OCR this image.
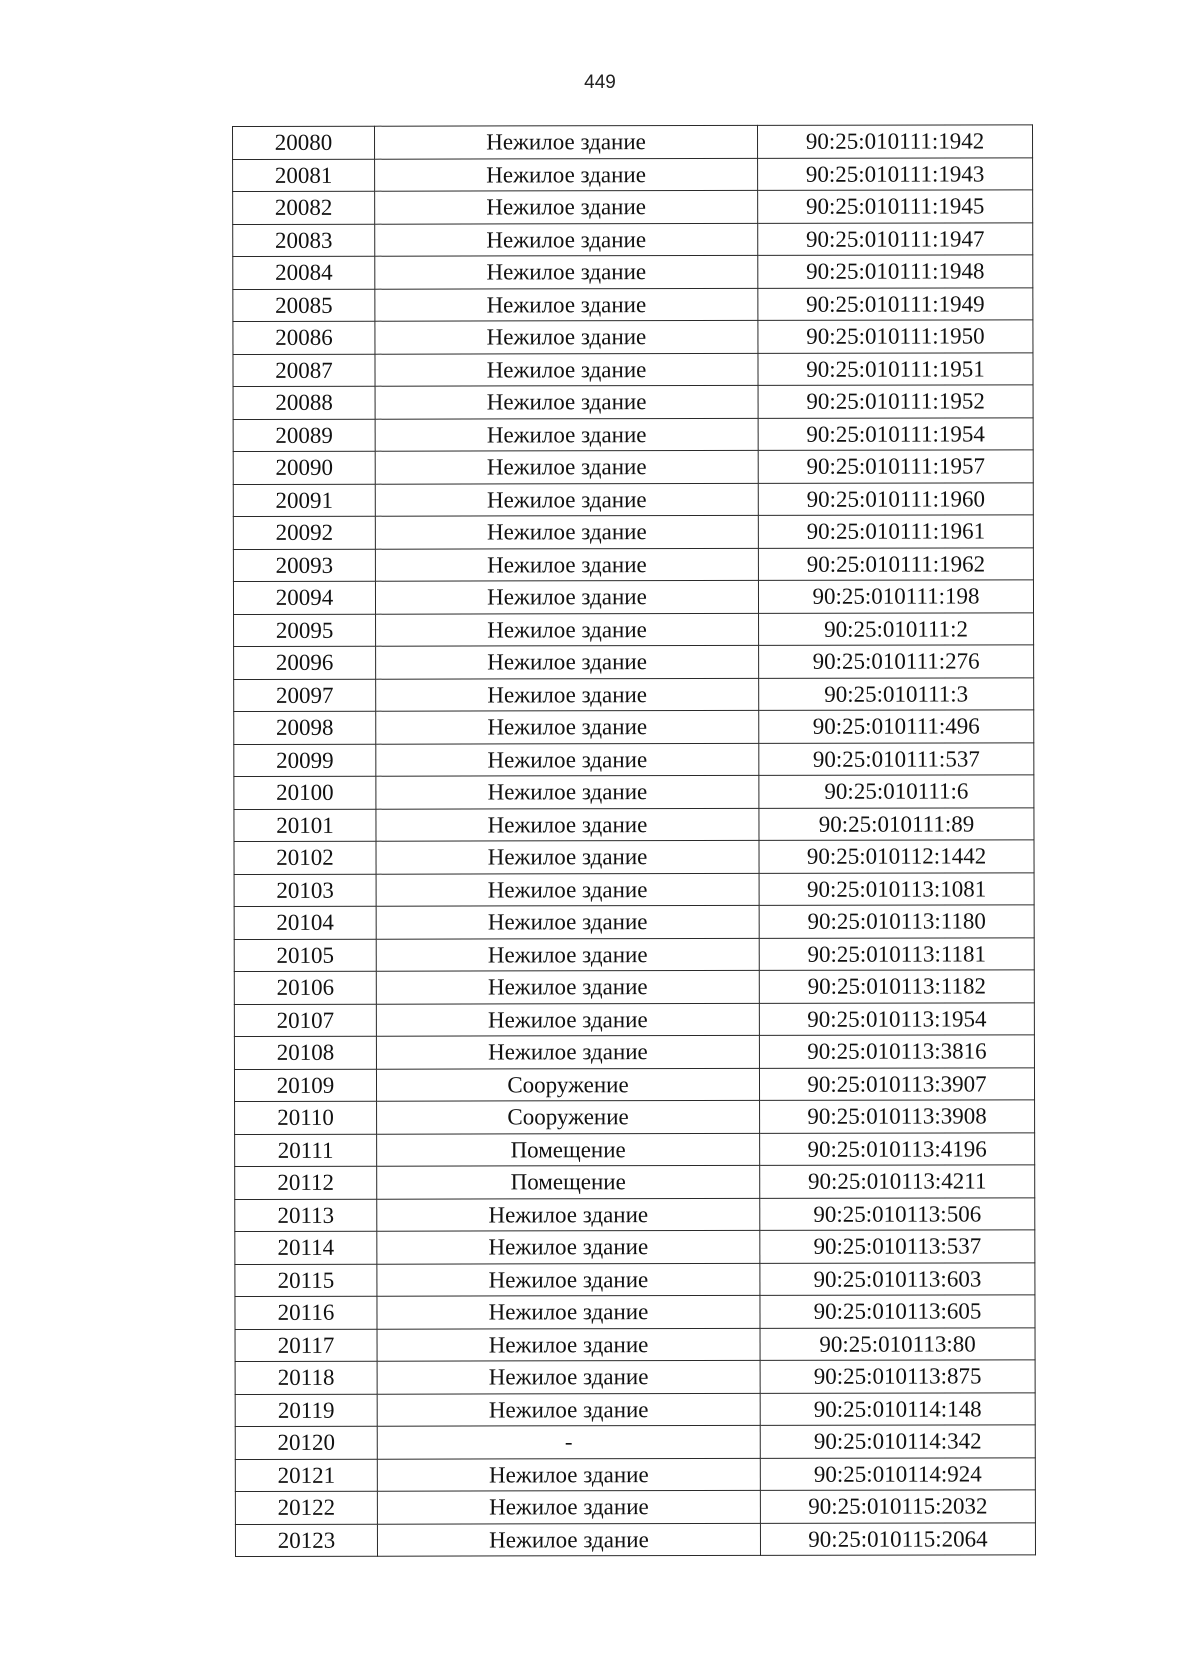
449
20080	Нежилое здание	90:25:010111:1942
20081	Нежилое здание	90:25:010111:1943
20082	Нежилое здание	90:25:010111:1945
20083	Нежилое здание	90:25:010111:1947
20084	Нежилое здание	90:25:010111:1948
20085	Нежилое здание	90:25:010111:1949
20086	Нежилое здание	90:25:010111:1950
20087	Нежилое здание	90:25:010111:1951
20088	Нежилое здание	90:25:010111:1952
20089	Нежилое здание	90:25:010111:1954
20090	Нежилое здание	90:25:010111:1957
20091	Нежилое здание	90:25:010111:1960
20092	Нежилое здание	90:25:010111:1961
20093	Нежилое здание	90:25:010111:1962
20094	Нежилое здание	90:25:010111:198
20095	Нежилое здание	90:25:010111:2
20096	Нежилое здание	90:25:010111:276
20097	Нежилое здание	90:25:010111:3
20098	Нежилое здание	90:25:010111:496
20099	Нежилое здание	90:25:010111:537
20100	Нежилое здание	90:25:010111:6
20101	Нежилое здание	90:25:010111:89
20102	Нежилое здание	90:25:010112:1442
20103	Нежилое здание	90:25:010113:1081
20104	Нежилое здание	90:25:010113:1180
20105	Нежилое здание	90:25:010113:1181
20106	Нежилое здание	90:25:010113:1182
20107	Нежилое здание	90:25:010113:1954
20108	Нежилое здание	90:25:010113:3816
20109	Сооружение	90:25:010113:3907
20110	Сооружение	90:25:010113:3908
20111	Помещение	90:25:010113:4196
20112	Помещение	90:25:010113:4211
20113	Нежилое здание	90:25:010113:506
20114	Нежилое здание	90:25:010113:537
20115	Нежилое здание	90:25:010113:603
20116	Нежилое здание	90:25:010113:605
20117	Нежилое здание	90:25:010113:80
20118	Нежилое здание	90:25:010113:875
20119	Нежилое здание	90:25:010114:148
20120	-	90:25:010114:342
20121	Нежилое здание	90:25:010114:924
20122	Нежилое здание	90:25:010115:2032
20123	Нежилое здание	90:25:010115:2064
